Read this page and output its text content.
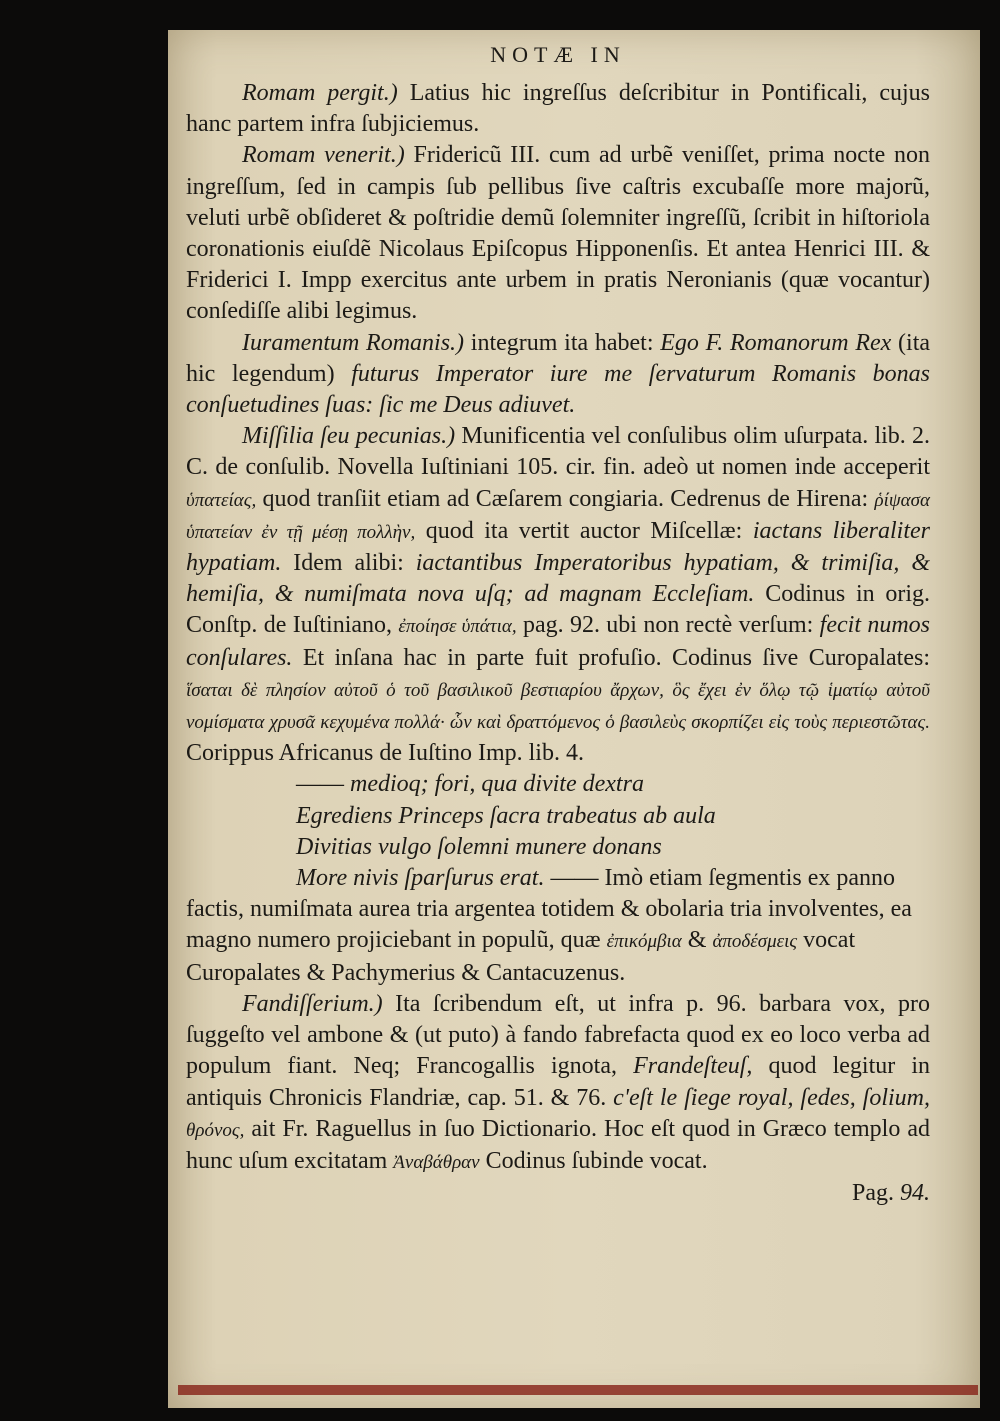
NOTÆ IN

Romam pergit.) Latius hic ingreſſus deſcribitur in Pontificali, cujus hanc partem infra ſubjiciemus.

Romam venerit.) Fridericũ III. cum ad urbẽ veniſſet, prima nocte non ingreſſum, ſed in campis ſub pellibus ſive caſtris excubaſſe more majorũ, veluti urbẽ obſideret & poſtridie demũ ſolemniter ingreſſũ, ſcribit in hiſtoriola coronationis eiuſdẽ Nicolaus Epiſcopus Hipponenſis. Et antea Henrici III. & Friderici I. Impp exercitus ante urbem in pratis Neronianis (quæ vocantur) conſediſſe alibi legimus.

Iuramentum Romanis.) integrum ita habet: Ego F. Romanorum Rex (ita hic legendum) futurus Imperator iure me ſervaturum Romanis bonas conſuetudines ſuas: ſic me Deus adiuvet.

Miſſilia ſeu pecunias.) Munificentia vel conſulibus olim uſurpata. lib. 2. C. de conſulib. Novella Iuſtiniani 105. cir. fin. adeò ut nomen inde acceperit ὑπατείας, quod tranſiit etiam ad Cæſarem congiaria. Cedrenus de Hirena: ῥίψασα ὑπατείαν ἐν τῇ μέσῃ πολλὴν, quod ita vertit auctor Miſcellæ: iactans liberaliter hypatiam. Idem alibi: iactantibus Imperatoribus hypatiam, & trimiſia, & hemiſia, & numiſmata nova uſq; ad magnam Eccleſiam. Codinus in orig. Conſtp. de Iuſtiniano, ἐποίησε ὑπάτια, pag. 92. ubi non rectè verſum: fecit numos conſulares. Et inſana hac in parte fuit profuſio. Codinus ſive Curopalates: ἵσαται δὲ πλησίον αὐτοῦ ὁ τοῦ βασιλικοῦ βεστιαρίου ἄρχων, ὃς ἔχει ἐν ὅλῳ τῷ ἱματίῳ αὐτοῦ νομίσματα χρυσᾶ κεχυμένα πολλά· ὧν καὶ δραττόμενος ὁ βασιλεὺς σκορπίζει εἰς τοὺς περιεστῶτας. Corippus Africanus de Iuſtino Imp. lib. 4.

—— medioq; fori, qua divite dextra

Egrediens Princeps ſacra trabeatus ab aula

Divitias vulgo ſolemni munere donans

More nivis ſparſurus erat. —— Imò etiam ſegmentis ex panno factis, numiſmata aurea tria argentea totidem & obolaria tria involventes, ea magno numero projiciebant in populũ, quæ ἐπικόμβια & ἀποδέσμεις vocat Curopalates & Pachymerius & Cantacuzenus.

Fandiſſerium.) Ita ſcribendum eſt, ut infra p. 96. barbara vox, pro ſuggeſto vel ambone & (ut puto) à fando fabrefacta quod ex eo loco verba ad populum fiant. Neq; Francogallis ignota, Frandeſteuſ, quod legitur in antiquis Chronicis Flandriæ, cap. 51. & 76. c'eſt le ſiege royal, ſedes, ſolium, θρόνος, ait Fr. Raguellus in ſuo Dictionario. Hoc eſt quod in Græco templo ad hunc uſum excitatam Ἀναβάθραν Codinus ſubinde vocat.

Pag. 94.
